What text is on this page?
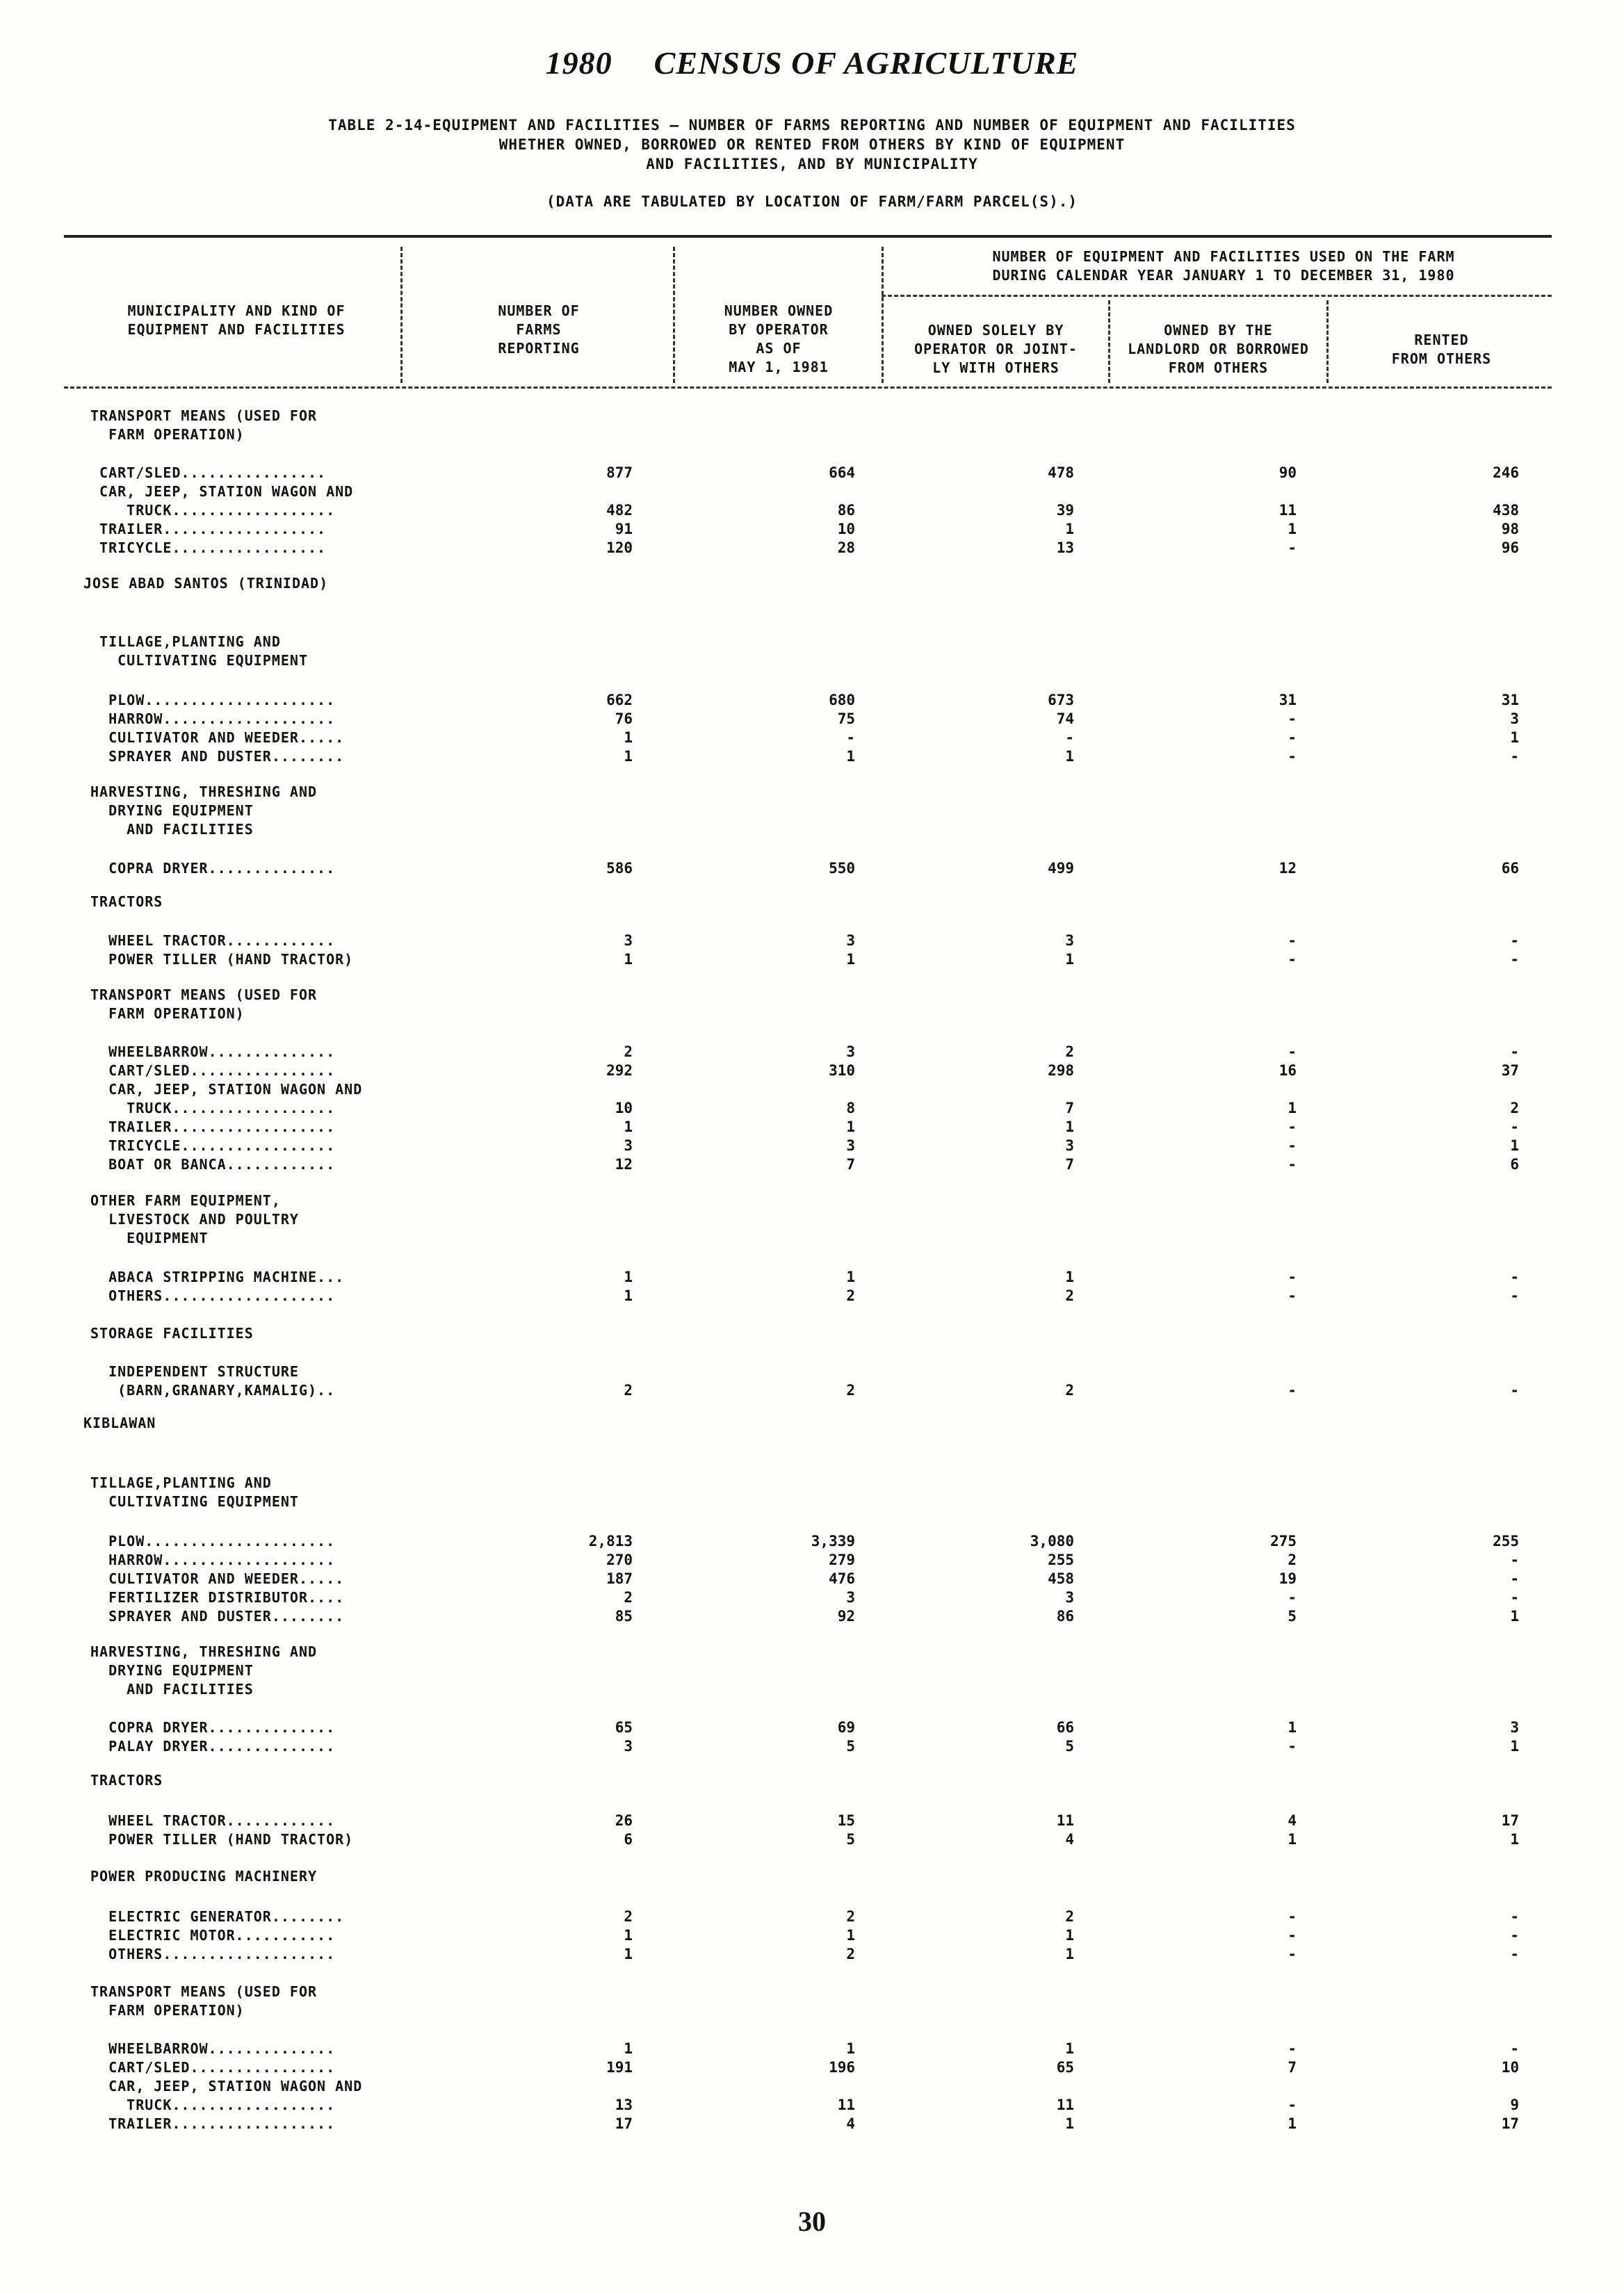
1980 CENSUS OF AGRICULTURE
TABLE 2-14-EQUIPMENT AND FACILITIES — NUMBER OF FARMS REPORTING AND NUMBER OF EQUIPMENT AND FACILITIES
WHETHER OWNED, BORROWED OR RENTED FROM OTHERS BY KIND OF EQUIPMENT
AND FACILITIES, AND BY MUNICIPALITY
(DATA ARE TABULATED BY LOCATION OF FARM/FARM PARCEL(S).)
MUNICIPALITY AND KIND OF
EQUIPMENT AND FACILITIES
NUMBER OF
FARMS
REPORTING
NUMBER OWNED
BY OPERATOR
AS OF
MAY 1, 1981
NUMBER OF EQUIPMENT AND FACILITIES USED ON THE FARM
DURING CALENDAR YEAR JANUARY 1 TO DECEMBER 31, 1980
OWNED SOLELY BY
OPERATOR OR JOINT-
LY WITH OTHERS
OWNED BY THE
LANDLORD OR BORROWED
FROM OTHERS
RENTED
FROM OTHERS
TRANSPORT MEANS (USED FOR
FARM OPERATION)
CART/SLED................	877	664	478	90	246
CAR, JEEP, STATION WAGON AND
TRUCK..................	482	86	39	11	438
TRAILER..................	91	10	1	1	98
TRICYCLE.................	120	28	13	-	96
JOSE ABAD SANTOS (TRINIDAD)
TILLAGE,PLANTING AND
CULTIVATING EQUIPMENT
PLOW.....................	662	680	673	31	31
HARROW...................	76	75	74	-	3
CULTIVATOR AND WEEDER.....	1	-	-	-	1
SPRAYER AND DUSTER........	1	1	1	-	-
HARVESTING, THRESHING AND
DRYING EQUIPMENT
AND FACILITIES
COPRA DRYER..............	586	550	499	12	66
TRACTORS
WHEEL TRACTOR............	3	3	3	-	-
POWER TILLER (HAND TRACTOR)	1	1	1	-	-
TRANSPORT MEANS (USED FOR
FARM OPERATION)
WHEELBARROW..............	2	3	2	-	-
CART/SLED................	292	310	298	16	37
CAR, JEEP, STATION WAGON AND
TRUCK..................	10	8	7	1	2
TRAILER..................	1	1	1	-	-
TRICYCLE.................	3	3	3	-	1
BOAT OR BANCA............	12	7	7	-	6
OTHER FARM EQUIPMENT,
LIVESTOCK AND POULTRY
EQUIPMENT
ABACA STRIPPING MACHINE...	1	1	1	-	-
OTHERS...................	1	2	2	-	-
STORAGE FACILITIES
INDEPENDENT STRUCTURE
(BARN,GRANARY,KAMALIG)..	2	2	2	-	-
KIBLAWAN
TILLAGE,PLANTING AND
CULTIVATING EQUIPMENT
PLOW.....................	2,813	3,339	3,080	275	255
HARROW...................	270	279	255	2	-
CULTIVATOR AND WEEDER.....	187	476	458	19	-
FERTILIZER DISTRIBUTOR....	2	3	3	-	-
SPRAYER AND DUSTER........	85	92	86	5	1
HARVESTING, THRESHING AND
DRYING EQUIPMENT
AND FACILITIES
COPRA DRYER..............	65	69	66	1	3
PALAY DRYER..............	3	5	5	-	1
TRACTORS
WHEEL TRACTOR............	26	15	11	4	17
POWER TILLER (HAND TRACTOR)	6	5	4	1	1
POWER PRODUCING MACHINERY
ELECTRIC GENERATOR........	2	2	2	-	-
ELECTRIC MOTOR...........	1	1	1	-	-
OTHERS...................	1	2	1	-	-
TRANSPORT MEANS (USED FOR
FARM OPERATION)
WHEELBARROW..............	1	1	1	-	-
CART/SLED................	191	196	65	7	10
CAR, JEEP, STATION WAGON AND
TRUCK..................	13	11	11	-	9
TRAILER..................	17	4	1	1	17
30
